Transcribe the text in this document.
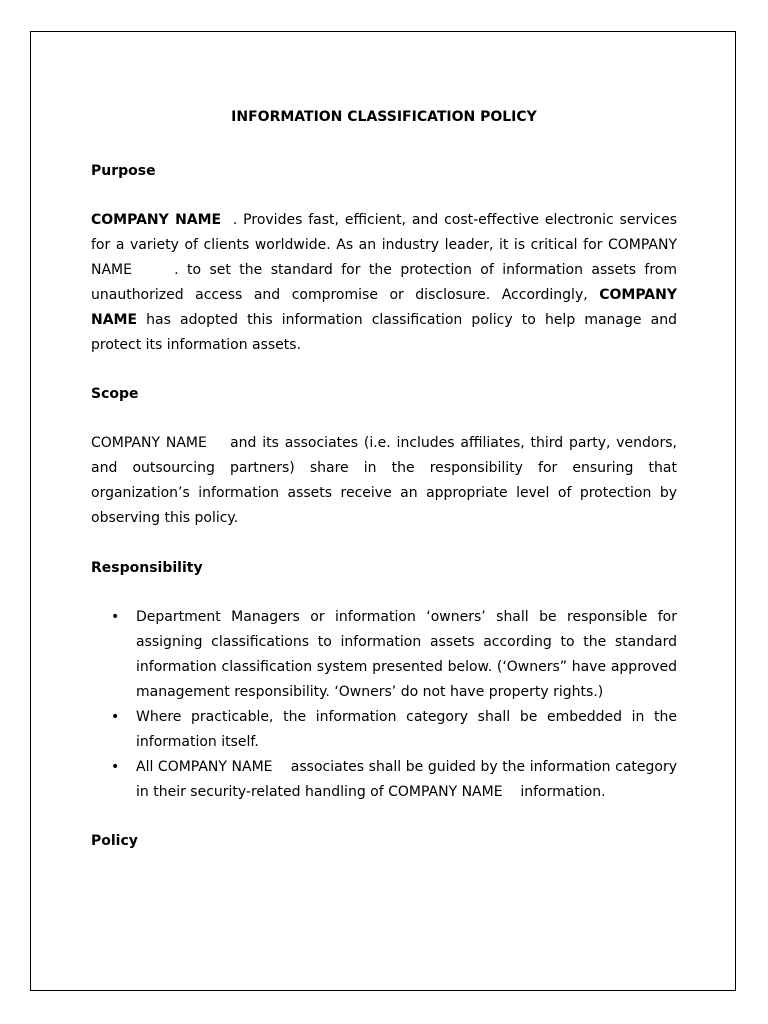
INFORMATION CLASSIFICATION POLICY
Purpose

COMPANY NAME  . Provides fast, efficient, and cost-effective electronic services for a variety of clients worldwide. As an industry leader, it is critical for COMPANY NAME     . to set the standard for the protection of information assets from unauthorized access and compromise or disclosure. Accordingly, COMPANY NAME has adopted this information classification policy to help manage and protect its information assets.

Scope

COMPANY NAME    and its associates (i.e. includes affiliates, third party, vendors, and outsourcing partners) share in the responsibility for ensuring that organization’s information assets receive an appropriate level of protection by observing this policy.

Responsibility
• Department Managers or information ‘owners’ shall be responsible for assigning classifications to information assets according to the standard information classification system presented below. (‘Owners” have approved management responsibility. ‘Owners’ do not have property rights.)
• Where practicable, the information category shall be embedded in the information itself.
• All COMPANY NAME    associates shall be guided by the information category in their security-related handling of COMPANY NAME    information.
Policy
